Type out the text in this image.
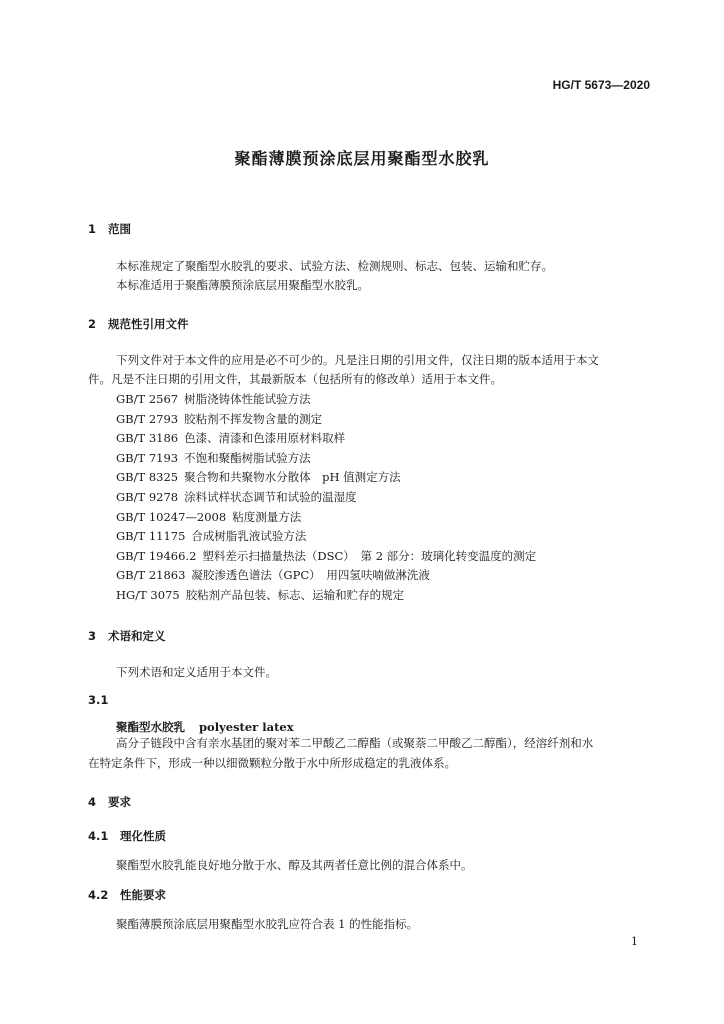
HG/T 5673—2020
聚酯薄膜预涂底层用聚酯型水胶乳
1 范围
本标准规定了聚酯型水胶乳的要求、试验方法、检测规则、标志、包装、运输和贮存。
本标准适用于聚酯薄膜预涂底层用聚酯型水胶乳。
2 规范性引用文件
下列文件对于本文件的应用是必不可少的。凡是注日期的引用文件，仅注日期的版本适用于本文
件。凡是不注日期的引用文件，其最新版本（包括所有的修改单）适用于本文件。
GB/T 2567 树脂浇铸体性能试验方法
GB/T 2793 胶粘剂不挥发物含量的测定
GB/T 3186 色漆、清漆和色漆用原材料取样
GB/T 7193 不饱和聚酯树脂试验方法
GB/T 8325 聚合物和共聚物水分散体　pH 值测定方法
GB/T 9278 涂料试样状态调节和试验的温湿度
GB/T 10247—2008 粘度测量方法
GB/T 11175 合成树脂乳液试验方法
GB/T 19466.2 塑料差示扫描量热法（DSC）　第 2 部分：玻璃化转变温度的测定
GB/T 21863 凝胶渗透色谱法（GPC）　用四氢呋喃做淋洗液
HG/T 3075 胶粘剂产品包装、标志、运输和贮存的规定
3 术语和定义
下列术语和定义适用于本文件。
3.1
聚酯型水胶乳 polyester latex
高分子链段中含有亲水基团的聚对苯二甲酸乙二醇酯（或聚萘二甲酸乙二醇酯），经溶纤剂和水
在特定条件下，形成一种以细微颗粒分散于水中所形成稳定的乳液体系。
4 要求
4.1 理化性质
聚酯型水胶乳能良好地分散于水、醇及其两者任意比例的混合体系中。
4.2 性能要求
聚酯薄膜预涂底层用聚酯型水胶乳应符合表 1 的性能指标。
1
